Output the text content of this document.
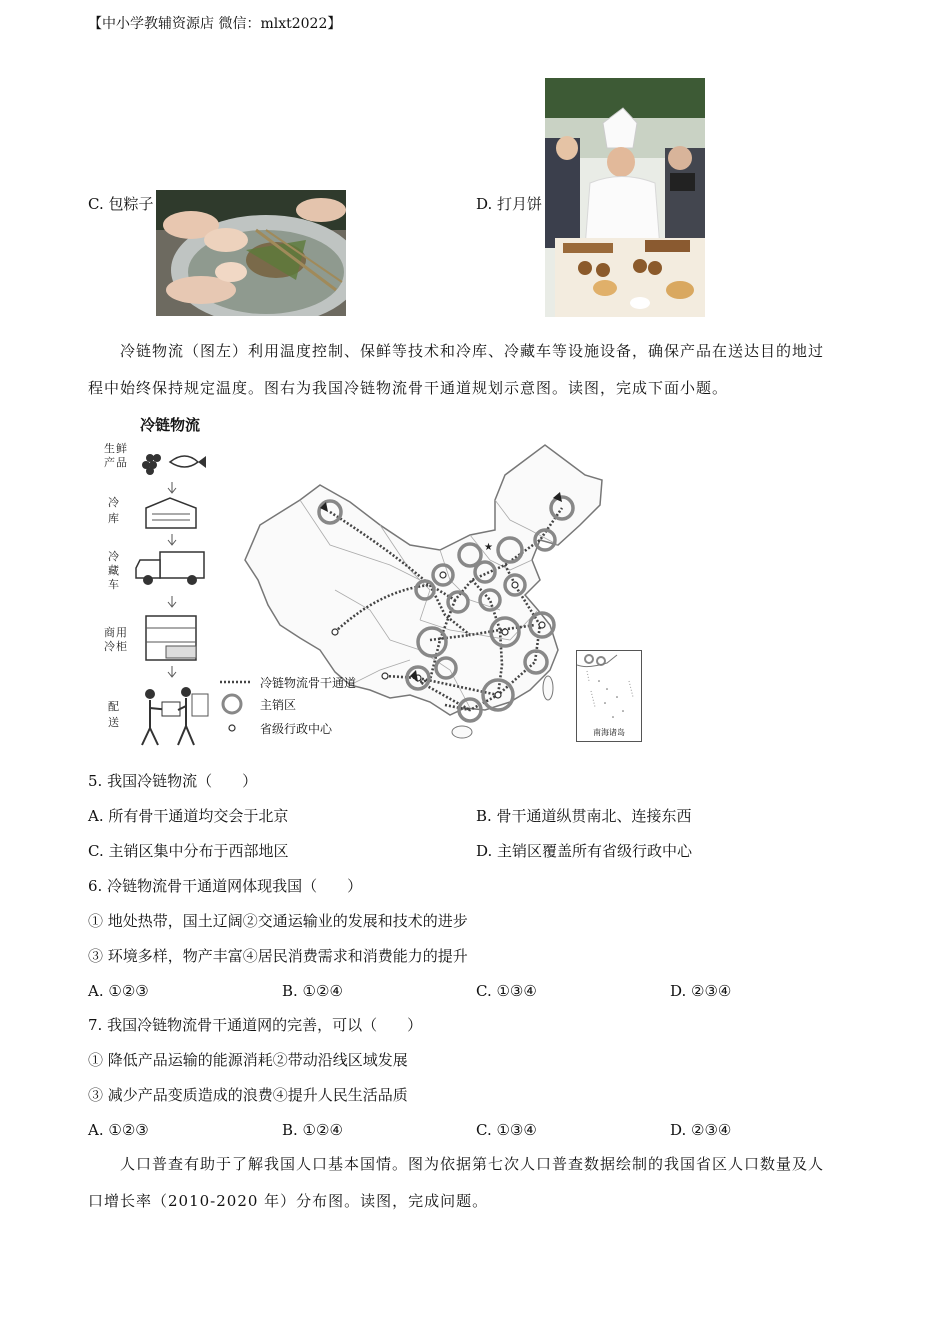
【中小学教辅资源店 微信：mlxt2022】
C. 包粽子	D. 打月饼
冷链物流（图左）利用温度控制、保鲜等技术和冷库、冷藏车等设施设备，确保产品在送达目的地过
程中始终保持规定温度。图右为我国冷链物流骨干通道规划示意图。读图，完成下面小题。
冷链物流
生 鲜
产 品
冷
库
冷
藏
车
商 用
冷 柜
配
送
★
南海诸岛
冷链物流骨干通道
主销区
省级行政中心
5. 我国冷链物流（　　）
A. 所有骨干通道均交会于北京	B. 骨干通道纵贯南北、连接东西
C. 主销区集中分布于西部地区	D. 主销区覆盖所有省级行政中心
6. 冷链物流骨干通道网体现我国（　　）
① 地处热带，国土辽阔②交通运输业的发展和技术的进步
③ 环境多样，物产丰富④居民消费需求和消费能力的提升
A. ①②③	B. ①②④	C. ①③④	D. ②③④
7. 我国冷链物流骨干通道网的完善，可以（　　）
① 降低产品运输的能源消耗②带动沿线区域发展
③ 减少产品变质造成的浪费④提升人民生活品质
A. ①②③	B. ①②④	C. ①③④	D. ②③④
人口普查有助于了解我国人口基本国情。图为依据第七次人口普查数据绘制的我国省区人口数量及人
口增长率（2010-2020 年）分布图。读图，完成问题。
